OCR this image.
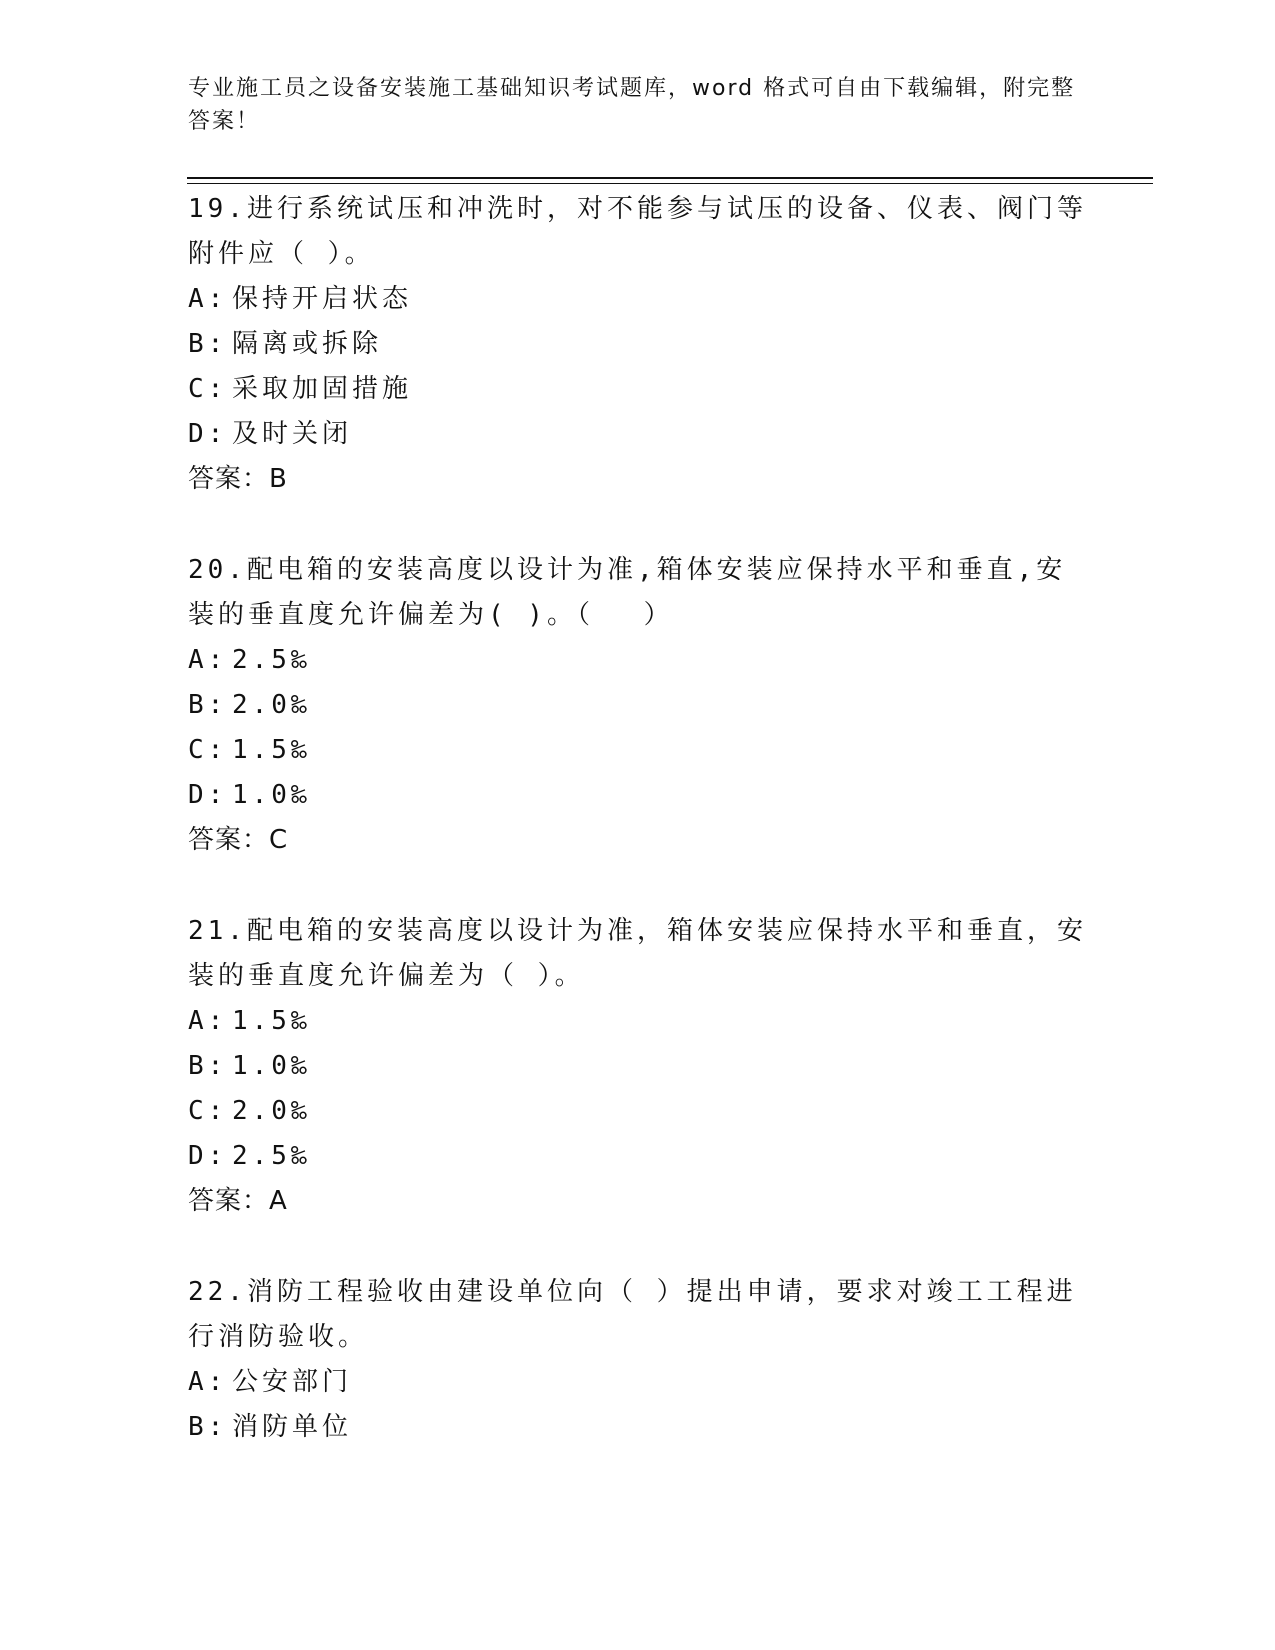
专业施工员之设备安装施工基础知识考试题库，word 格式可自由下载编辑，附完整答案！
19.进行系统试压和冲洗时，对不能参与试压的设备、仪表、阀门等附件应（ ）。
A: 保持开启状态
B: 隔离或拆除
C: 采取加固措施
D: 及时关闭
答案：B
20.配电箱的安装高度以设计为准,箱体安装应保持水平和垂直,安装的垂直度允许偏差为( )。（　 ）
A: 2.5‰
B: 2.0‰
C: 1.5‰
D: 1.0‰
答案：C
21.配电箱的安装高度以设计为准，箱体安装应保持水平和垂直，安装的垂直度允许偏差为（ ）。
A: 1.5‰
B: 1.0‰
C: 2.0‰
D: 2.5‰
答案：A
22.消防工程验收由建设单位向（ ）提出申请，要求对竣工工程进行消防验收。
A: 公安部门
B: 消防单位
